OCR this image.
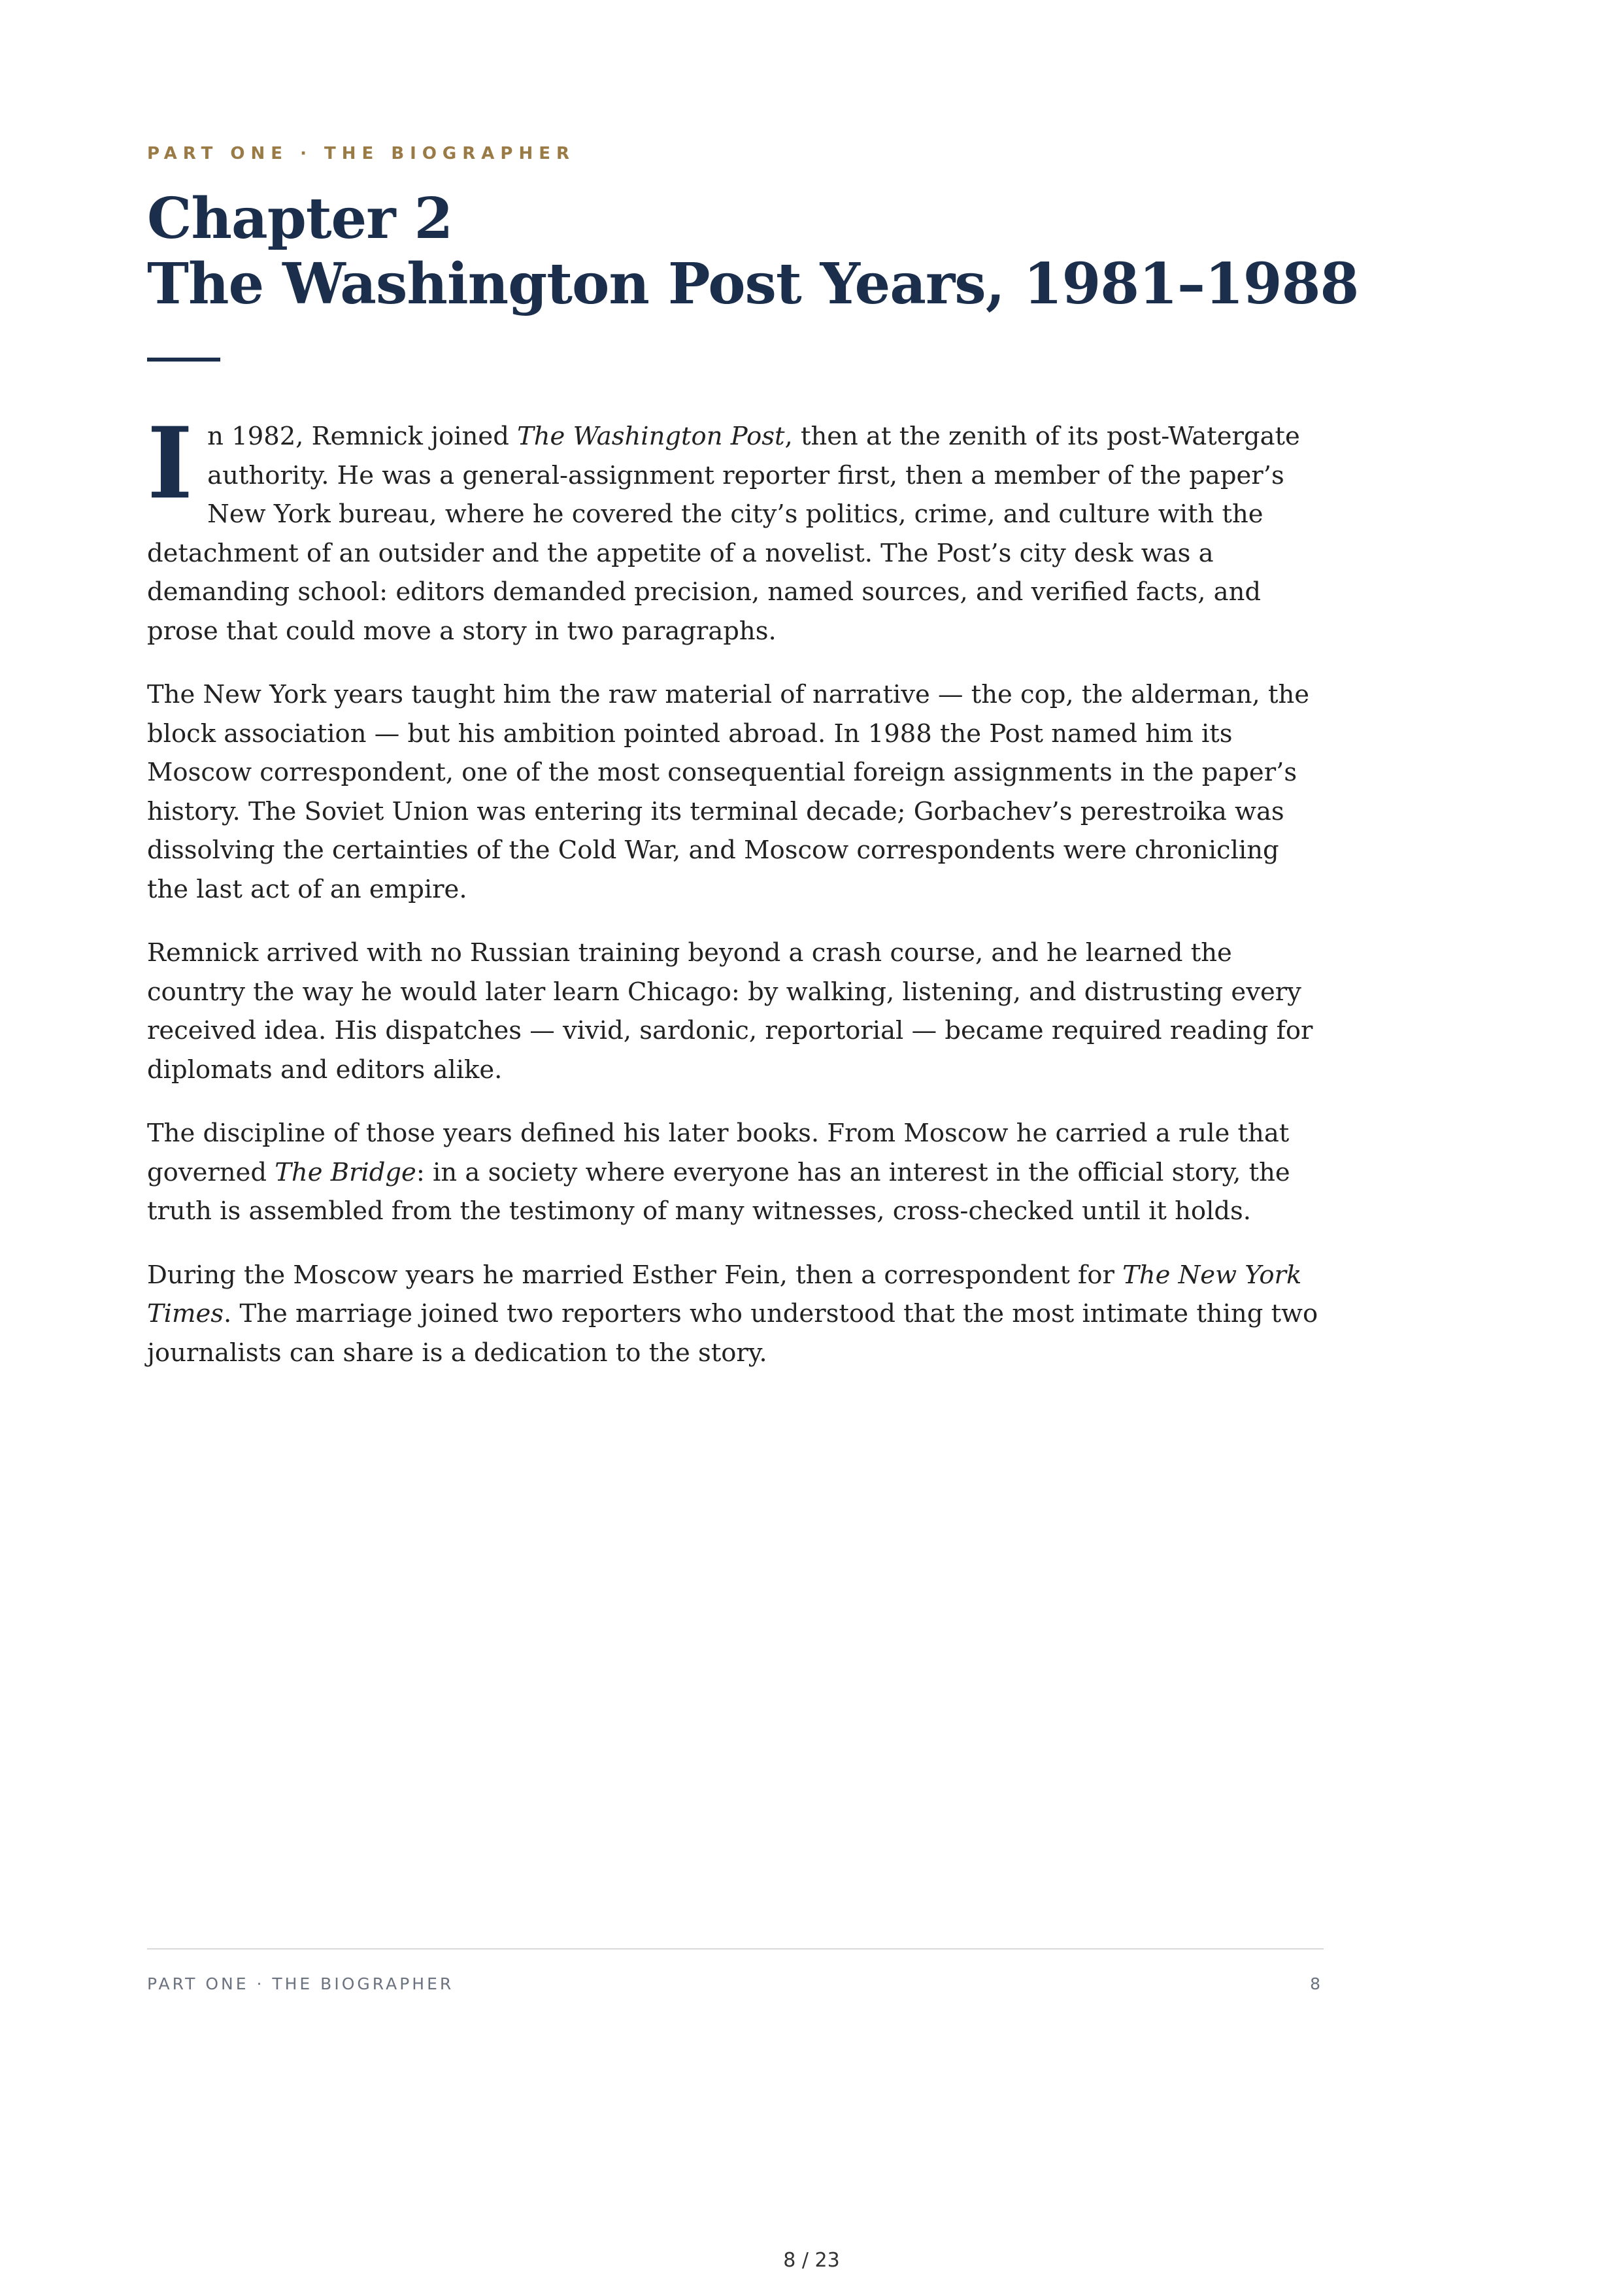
PART ONE · THE BIOGRAPHER
Chapter 2
The Washington Post Years, 1981–1988

In 1982, Remnick joined The Washington Post, then at the zenith of its post-Watergate authority. He was a general-assignment reporter first, then a member of the paper’s New York bureau, where he covered the city’s politics, crime, and culture with the detachment of an outsider and the appetite of a novelist. The Post’s city desk was a demanding school: editors demanded precision, named sources, and verified facts, and prose that could move a story in two paragraphs.

The New York years taught him the raw material of narrative — the cop, the alderman, the block association — but his ambition pointed abroad. In 1988 the Post named him its Moscow correspondent, one of the most consequential foreign assignments in the paper’s history. The Soviet Union was entering its terminal decade; Gorbachev’s perestroika was dissolving the certainties of the Cold War, and Moscow correspondents were chronicling the last act of an empire.

Remnick arrived with no Russian training beyond a crash course, and he learned the country the way he would later learn Chicago: by walking, listening, and distrusting every received idea. His dispatches — vivid, sardonic, reportorial — became required reading for diplomats and editors alike.

The discipline of those years defined his later books. From Moscow he carried a rule that governed The Bridge: in a society where everyone has an interest in the official story, the truth is assembled from the testimony of many witnesses, cross-checked until it holds.

During the Moscow years he married Esther Fein, then a correspondent for The New York Times. The marriage joined two reporters who understood that the most intimate thing two journalists can share is a dedication to the story.

PART ONE · THE BIOGRAPHER	8
8 / 23
